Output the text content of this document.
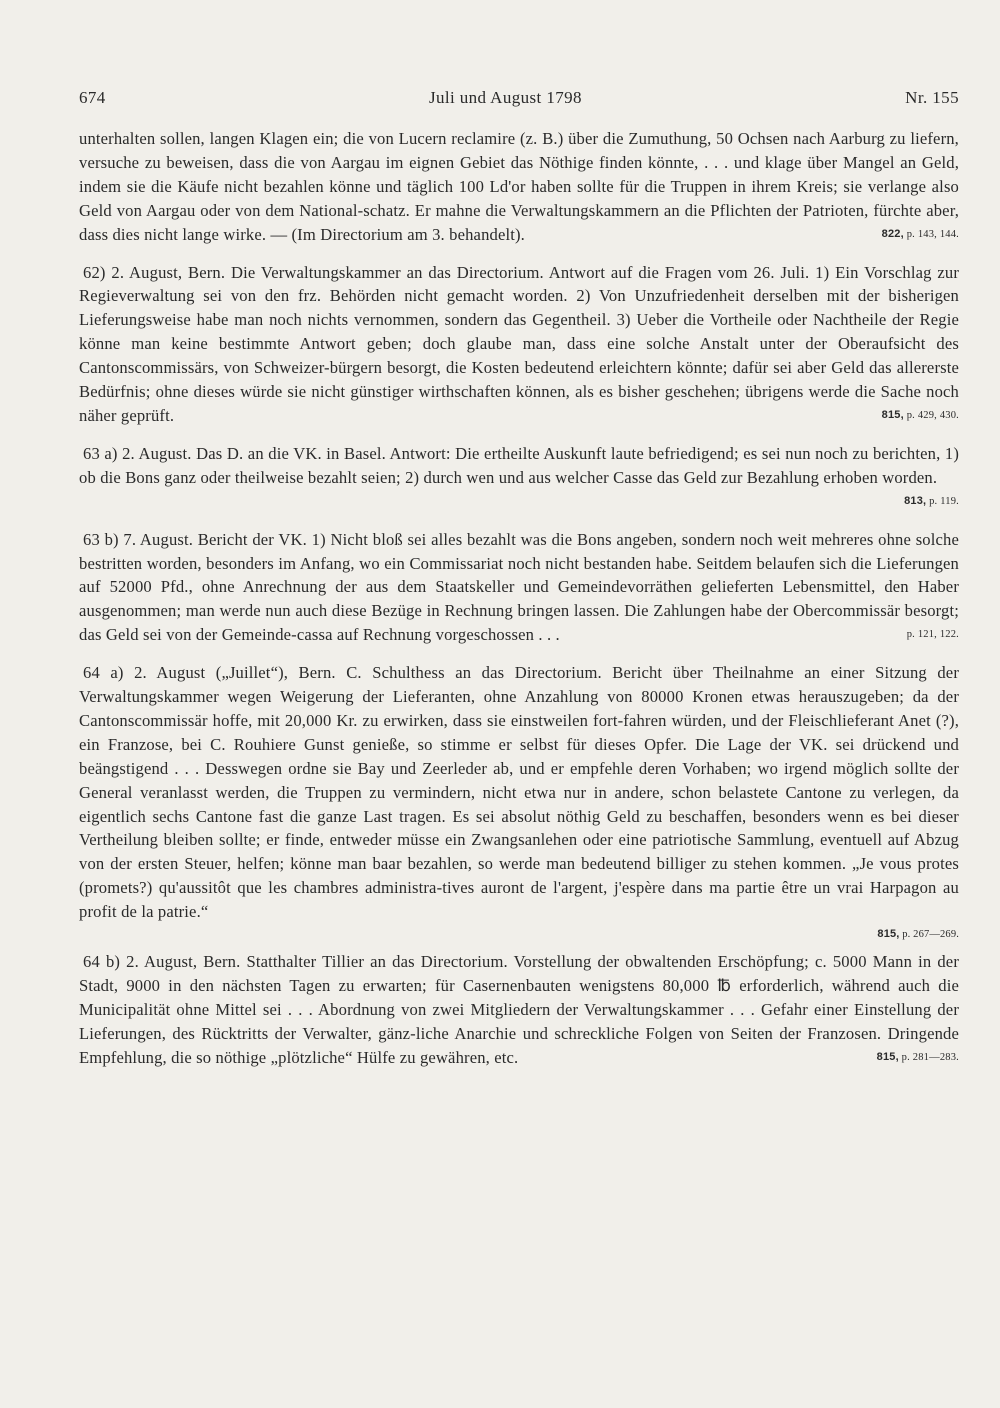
674	Juli und August 1798	Nr. 155

unterhalten sollen, langen Klagen ein; die von Lucern reclamire (z. B.) über die Zumuthung, 50 Ochsen nach Aarburg zu liefern, versuche zu beweisen, dass die von Aargau im eignen Gebiet das Nöthige finden könnte, . . . und klage über Mangel an Geld, indem sie die Käufe nicht bezahlen könne und täglich 100 Ld'or haben sollte für die Truppen in ihrem Kreis; sie verlange also Geld von Aargau oder von dem National-schatz. Er mahne die Verwaltungskammern an die Pflichten der Patrioten, fürchte aber, dass dies nicht lange wirke. — (Im Directorium am 3. behandelt).	822, p. 143, 144.

62) 2. August, Bern. Die Verwaltungskammer an das Directorium. Antwort auf die Fragen vom 26. Juli. 1) Ein Vorschlag zur Regieverwaltung sei von den frz. Behörden nicht gemacht worden. 2) Von Unzufriedenheit derselben mit der bisherigen Lieferungsweise habe man noch nichts vernommen, sondern das Gegentheil. 3) Ueber die Vortheile oder Nachtheile der Regie könne man keine bestimmte Antwort geben; doch glaube man, dass eine solche Anstalt unter der Oberaufsicht des Cantonscommissärs, von Schweizer-bürgern besorgt, die Kosten bedeutend erleichtern könnte; dafür sei aber Geld das allererste Bedürfnis; ohne dieses würde sie nicht günstiger wirthschaften können, als es bisher geschehen; übrigens werde die Sache noch näher geprüft.	815, p. 429, 430.

63 a) 2. August. Das D. an die VK. in Basel. Antwort: Die ertheilte Auskunft laute befriedigend; es sei nun noch zu berichten, 1) ob die Bons ganz oder theilweise bezahlt seien; 2) durch wen und aus welcher Casse das Geld zur Bezahlung erhoben worden.
813, p. 119.

63 b) 7. August. Bericht der VK. 1) Nicht bloß sei alles bezahlt was die Bons angeben, sondern noch weit mehreres ohne solche bestritten worden, besonders im Anfang, wo ein Commissariat noch nicht bestanden habe. Seitdem belaufen sich die Lieferungen auf 52000 Pfd., ohne Anrechnung der aus dem Staatskeller und Gemeindevorräthen gelieferten Lebensmittel, den Haber ausgenommen; man werde nun auch diese Bezüge in Rechnung bringen lassen. Die Zahlungen habe der Obercommissär besorgt; das Geld sei von der Gemeinde-cassa auf Rechnung vorgeschossen . . .	p. 121, 122.

64 a) 2. August („Juillet“), Bern. C. Schulthess an das Directorium. Bericht über Theilnahme an einer Sitzung der Verwaltungskammer wegen Weigerung der Lieferanten, ohne Anzahlung von 80000 Kronen etwas herauszugeben; da der Cantonscommissär hoffe, mit 20,000 Kr. zu erwirken, dass sie einstweilen fort-fahren würden, und der Fleischlieferant Anet (?), ein Franzose, bei C. Rouhiere Gunst genieße, so stimme er selbst für dieses Opfer. Die Lage der VK. sei drückend und beängstigend . . . Desswegen ordne sie Bay und Zeerleder ab, und er empfehle deren Vorhaben; wo irgend möglich sollte der General veranlasst werden, die Truppen zu vermindern, nicht etwa nur in andere, schon belastete Cantone zu verlegen, da eigentlich sechs Cantone fast die ganze Last tragen. Es sei absolut nöthig Geld zu beschaffen, besonders wenn es bei dieser Vertheilung bleiben sollte; er finde, entweder müsse ein Zwangsanlehen oder eine patriotische Sammlung, eventuell auf Abzug von der ersten Steuer, helfen; könne man baar bezahlen, so werde man bedeutend billiger zu stehen kommen. „Je vous protes (promets?) qu'aussitôt que les chambres administra-tives auront de l'argent, j'espère dans ma partie être un vrai Harpagon au profit de la patrie.“

815, p. 267—269.

64 b) 2. August, Bern. Statthalter Tillier an das Directorium. Vorstellung der obwaltenden Erschöpfung; c. 5000 Mann in der Stadt, 9000 in den nächsten Tagen zu erwarten; für Casernenbauten wenigstens 80,000 ℔ erforderlich, während auch die Municipalität ohne Mittel sei . . . Abordnung von zwei Mitgliedern der Verwaltungskammer . . . Gefahr einer Einstellung der Lieferungen, des Rücktritts der Verwalter, gänz-liche Anarchie und schreckliche Folgen von Seiten der Franzosen. Dringende Empfehlung, die so nöthige „plötzliche“ Hülfe zu gewähren, etc.	815, p. 281—283.
